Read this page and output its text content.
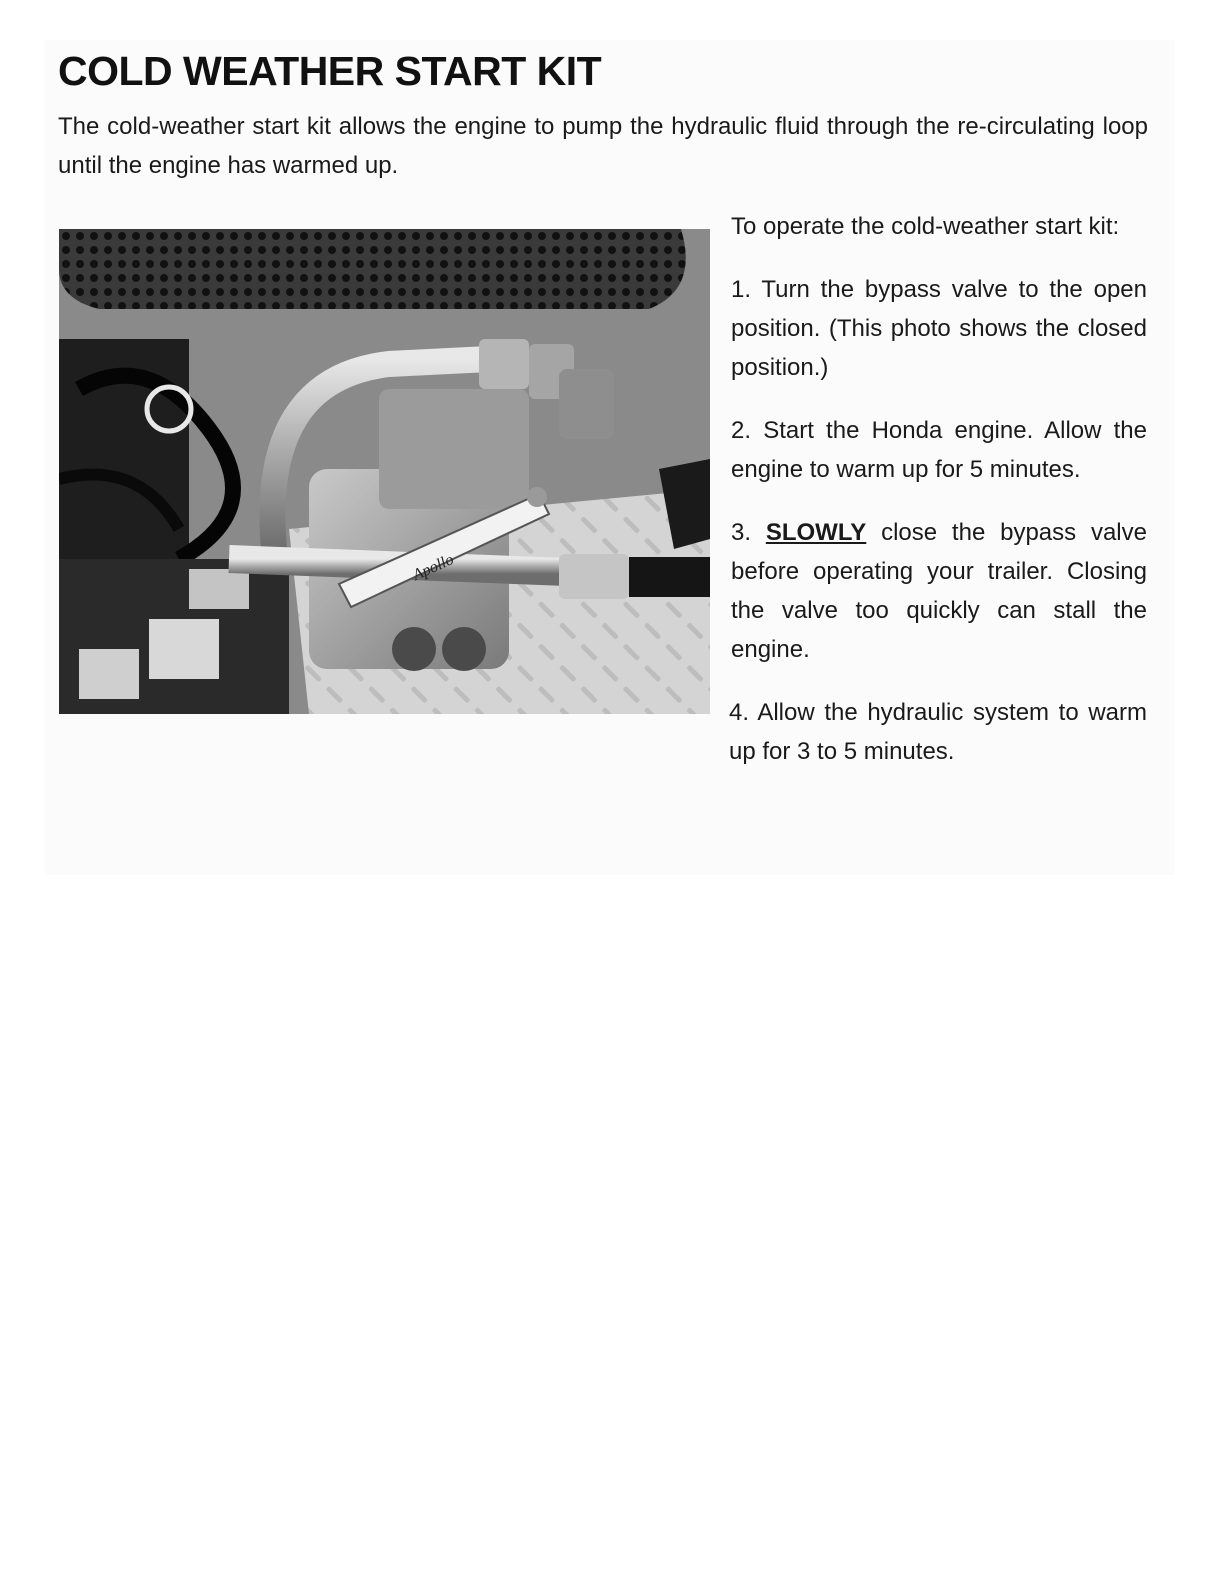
COLD WEATHER START KIT

The cold-weather start kit allows the engine to pump the hydraulic fluid through the re-circulating loop until the engine has warmed up.

Apollo

To operate the cold-weather start kit:

1. Turn the bypass valve to the open position. (This photo shows the closed position.)

2. Start the Honda engine. Allow the engine to warm up for 5 minutes.

3. SLOWLY close the bypass valve before operating your trailer. Closing the valve too quickly can stall the engine.

4. Allow the hydraulic system to warm up for 3 to 5 minutes.
